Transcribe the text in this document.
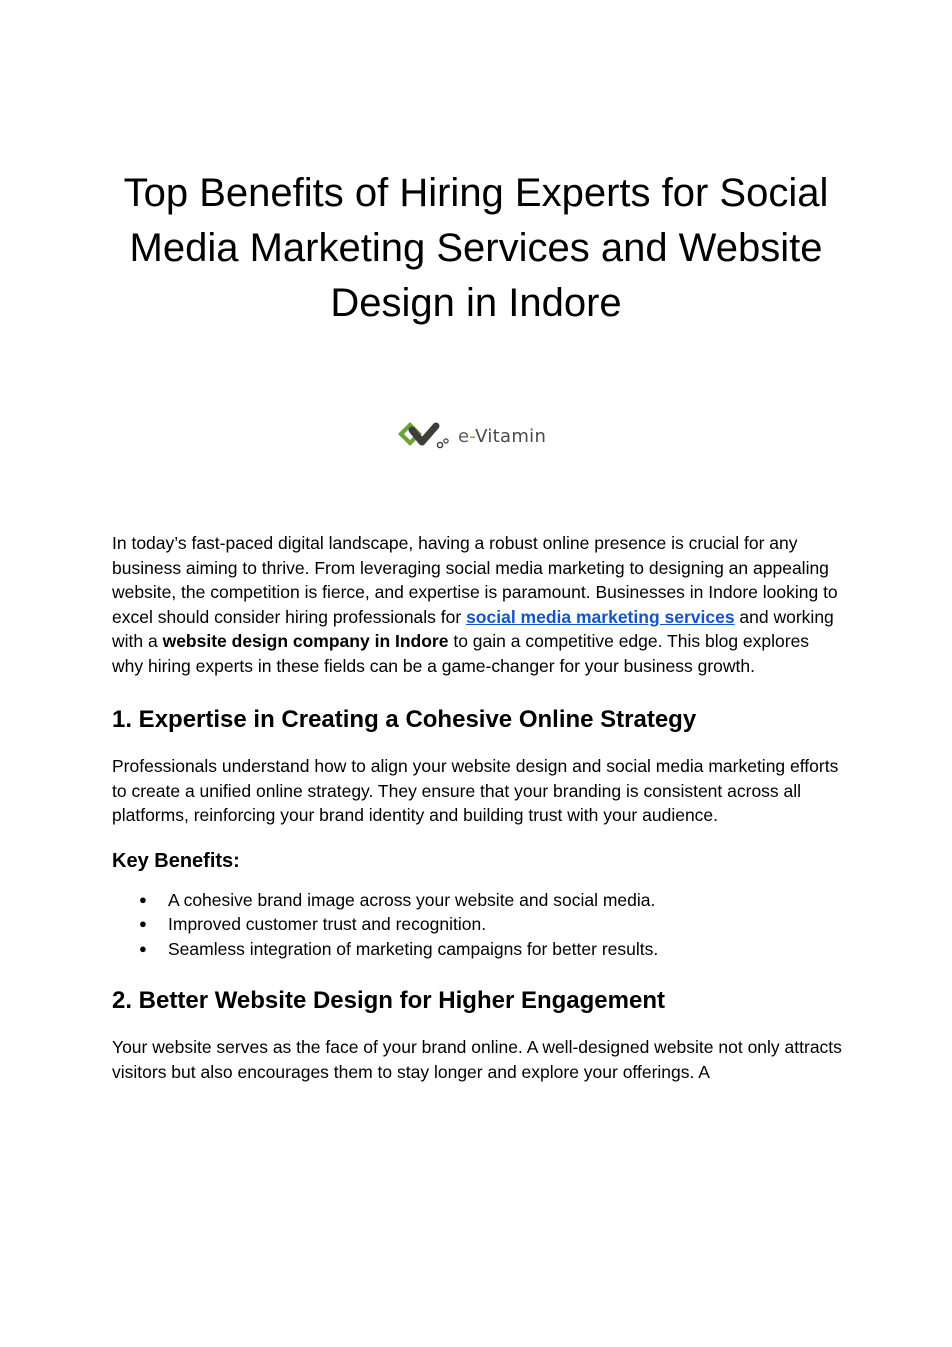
Top Benefits of Hiring Experts for Social Media Marketing Services and Website Design in Indore
e-Vitamin

In today’s fast-paced digital landscape, having a robust online presence is crucial for any business aiming to thrive. From leveraging social media marketing to designing an appealing website, the competition is fierce, and expertise is paramount. Businesses in Indore looking to excel should consider hiring professionals for social media marketing services and working with a website design company in Indore to gain a competitive edge. This blog explores why hiring experts in these fields can be a game-changer for your business growth.

1. Expertise in Creating a Cohesive Online Strategy

Professionals understand how to align your website design and social media marketing efforts to create a unified online strategy. They ensure that your branding is consistent across all platforms, reinforcing your brand identity and building trust with your audience.

Key Benefits:
● A cohesive brand image across your website and social media.
● Improved customer trust and recognition.
● Seamless integration of marketing campaigns for better results.
2. Better Website Design for Higher Engagement

Your website serves as the face of your brand online. A well-designed website not only attracts visitors but also encourages them to stay longer and explore your offerings. A
